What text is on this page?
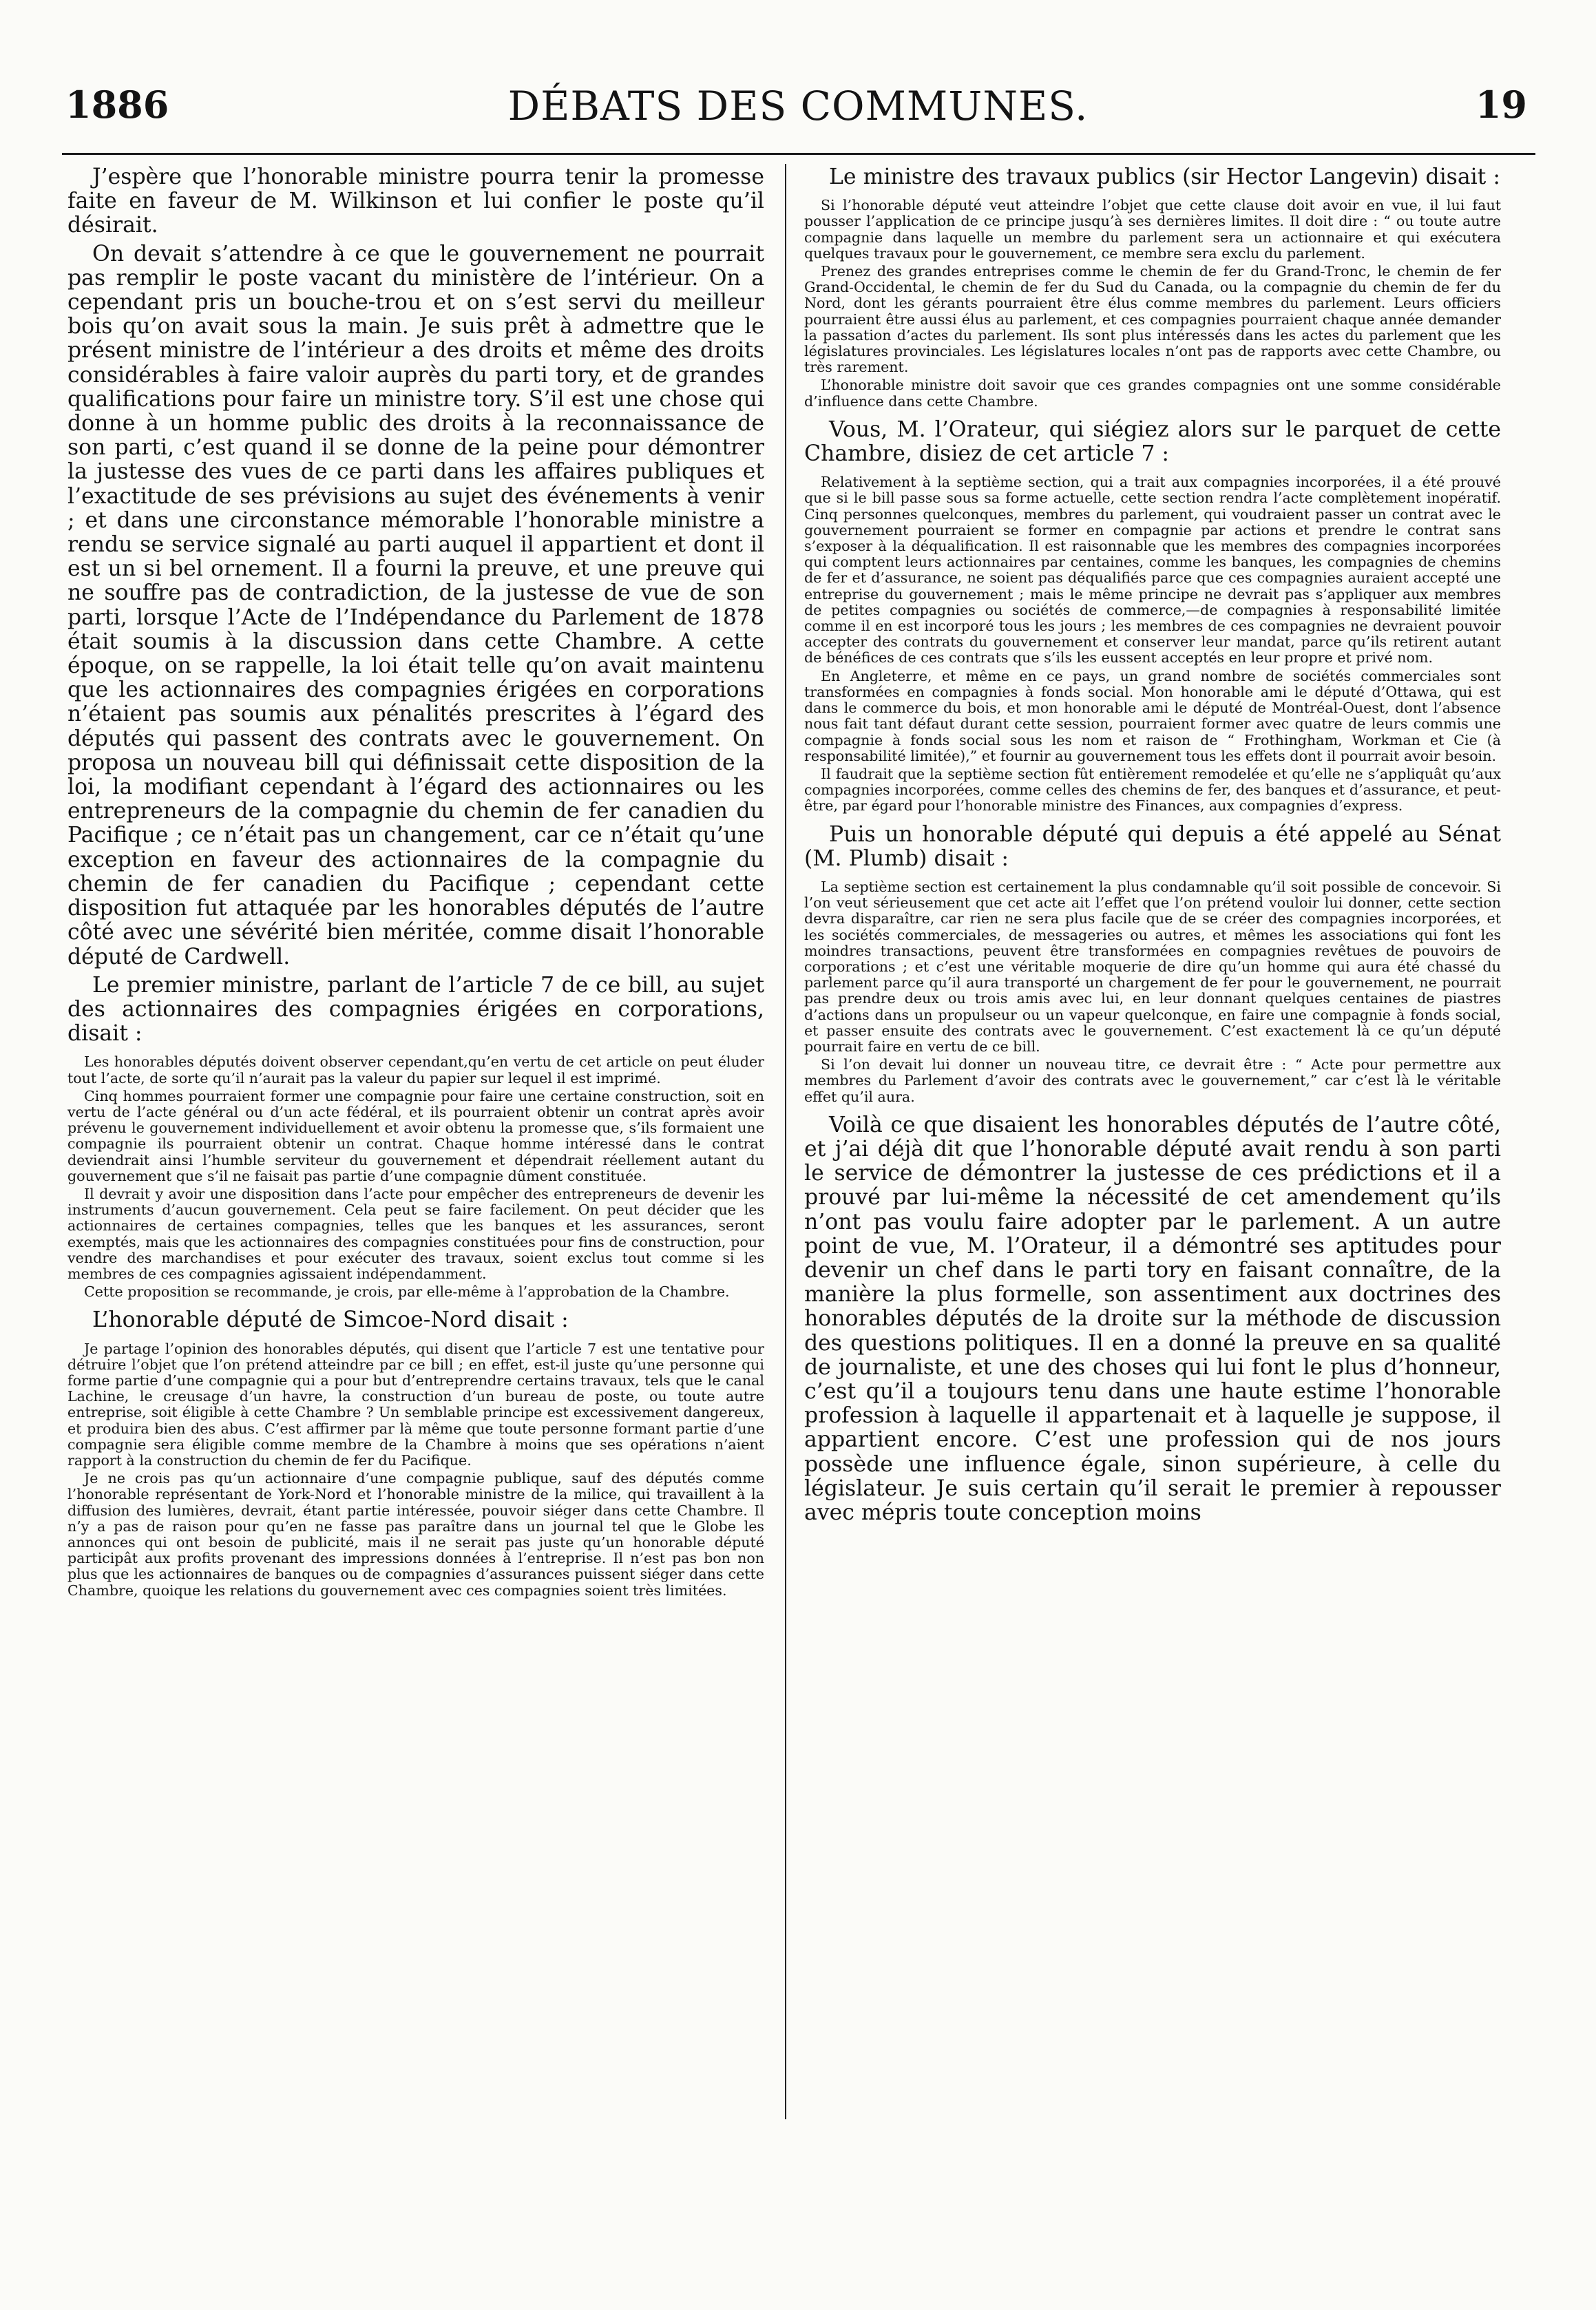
1886	DÉBATS DES COMMUNES.	19

J’espère que l’honorable ministre pourra tenir la promesse faite en faveur de M. Wilkinson et lui confier le poste qu’il désirait.

On devait s’attendre à ce que le gouvernement ne pourrait pas remplir le poste vacant du ministère de l’intérieur. On a cependant pris un bouche-trou et on s’est servi du meilleur bois qu’on avait sous la main. Je suis prêt à admettre que le présent ministre de l’intérieur a des droits et même des droits considérables à faire valoir auprès du parti tory, et de grandes qualifications pour faire un ministre tory. S’il est une chose qui donne à un homme public des droits à la reconnaissance de son parti, c’est quand il se donne de la peine pour démontrer la justesse des vues de ce parti dans les affaires publiques et l’exactitude de ses prévisions au sujet des événements à venir ; et dans une circonstance mémorable l’honorable ministre a rendu se service signalé au parti auquel il appartient et dont il est un si bel ornement. Il a fourni la preuve, et une preuve qui ne souffre pas de contradiction, de la justesse de vue de son parti, lorsque l’Acte de l’Indépendance du Parlement de 1878 était soumis à la discussion dans cette Chambre. A cette époque, on se rappelle, la loi était telle qu’on avait maintenu que les actionnaires des compagnies érigées en corporations n’étaient pas soumis aux pénalités prescrites à l’égard des députés qui passent des contrats avec le gouvernement. On proposa un nouveau bill qui définissait cette disposition de la loi, la modifiant cependant à l’égard des actionnaires ou les entrepreneurs de la compagnie du chemin de fer canadien du Pacifique ; ce n’était pas un changement, car ce n’était qu’une exception en faveur des actionnaires de la compagnie du chemin de fer canadien du Pacifique ; cependant cette disposition fut attaquée par les honorables députés de l’autre côté avec une sévérité bien méritée, comme disait l’honorable député de Cardwell.

Le premier ministre, parlant de l’article 7 de ce bill, au sujet des actionnaires des compagnies érigées en corporations, disait :

Les honorables députés doivent observer cependant,qu’en vertu de cet article on peut éluder tout l’acte, de sorte qu’il n’aurait pas la valeur du papier sur lequel il est imprimé.

Cinq hommes pourraient former une compagnie pour faire une certaine construction, soit en vertu de l’acte général ou d’un acte fédéral, et ils pourraient obtenir un contrat après avoir prévenu le gouvernement individuellement et avoir obtenu la promesse que, s’ils formaient une compagnie ils pourraient obtenir un contrat. Chaque homme intéressé dans le contrat deviendrait ainsi l’humble serviteur du gouvernement et dépendrait réellement autant du gouvernement que s’il ne faisait pas partie d’une compagnie dûment constituée.

Il devrait y avoir une disposition dans l’acte pour empêcher des entrepreneurs de devenir les instruments d’aucun gouvernement. Cela peut se faire facilement. On peut décider que les actionnaires de certaines compagnies, telles que les banques et les assurances, seront exemptés, mais que les actionnaires des compagnies constituées pour fins de construction, pour vendre des marchandises et pour exécuter des travaux, soient exclus tout comme si les membres de ces compagnies agissaient indépendamment.

Cette proposition se recommande, je crois, par elle-même à l’approbation de la Chambre.

L’honorable député de Simcoe-Nord disait :

Je partage l’opinion des honorables députés, qui disent que l’article 7 est une tentative pour détruire l’objet que l’on prétend atteindre par ce bill ; en effet, est-il juste qu’une personne qui forme partie d’une compagnie qui a pour but d’entreprendre certains travaux, tels que le canal Lachine, le creusage d’un havre, la construction d’un bureau de poste, ou toute autre entreprise, soit éligible à cette Chambre ? Un semblable principe est excessivement dangereux, et produira bien des abus. C’est affirmer par là même que toute personne formant partie d’une compagnie sera éligible comme membre de la Chambre à moins que ses opérations n’aient rapport à la construction du chemin de fer du Pacifique.

Je ne crois pas qu’un actionnaire d’une compagnie publique, sauf des députés comme l’honorable représentant de York-Nord et l’honorable ministre de la milice, qui travaillent à la diffusion des lumières, devrait, étant partie intéressée, pouvoir siéger dans cette Chambre. Il n’y a pas de raison pour qu’en ne fasse pas paraître dans un journal tel que le Globe les annonces qui ont besoin de publicité, mais il ne serait pas juste qu’un honorable député participât aux profits provenant des impressions données à l’entreprise. Il n’est pas bon non plus que les actionnaires de banques ou de compagnies d’assurances puissent siéger dans cette Chambre, quoique les relations du gouvernement avec ces compagnies soient très limitées.

Le ministre des travaux publics (sir Hector Langevin) disait :

Si l’honorable député veut atteindre l’objet que cette clause doit avoir en vue, il lui faut pousser l’application de ce principe jusqu’à ses dernières limites. Il doit dire : “ ou toute autre compagnie dans laquelle un membre du parlement sera un actionnaire et qui exécutera quelques travaux pour le gouvernement, ce membre sera exclu du parlement.

Prenez des grandes entreprises comme le chemin de fer du Grand-Tronc, le chemin de fer Grand-Occidental, le chemin de fer du Sud du Canada, ou la compagnie du chemin de fer du Nord, dont les gérants pourraient être élus comme membres du parlement. Leurs officiers pourraient être aussi élus au parlement, et ces compagnies pourraient chaque année demander la passation d’actes du parlement. Ils sont plus intéressés dans les actes du parlement que les législatures provinciales. Les législatures locales n’ont pas de rapports avec cette Chambre, ou très rarement.

L’honorable ministre doit savoir que ces grandes compagnies ont une somme considérable d’influence dans cette Chambre.

Vous, M. l’Orateur, qui siégiez alors sur le parquet de cette Chambre, disiez de cet article 7 :

Relativement à la septième section, qui a trait aux compagnies incorporées, il a été prouvé que si le bill passe sous sa forme actuelle, cette section rendra l’acte complètement inopératif. Cinq personnes quelconques, membres du parlement, qui voudraient passer un contrat avec le gouvernement pourraient se former en compagnie par actions et prendre le contrat sans s’exposer à la déqualification. Il est raisonnable que les membres des compagnies incorporées qui comptent leurs actionnaires par centaines, comme les banques, les compagnies de chemins de fer et d’assurance, ne soient pas déqualifiés parce que ces compagnies auraient accepté une entreprise du gouvernement ; mais le même principe ne devrait pas s’appliquer aux membres de petites compagnies ou sociétés de commerce,—de compagnies à responsabilité limitée comme il en est incorporé tous les jours ; les membres de ces compagnies ne devraient pouvoir accepter des contrats du gouvernement et conserver leur mandat, parce qu’ils retirent autant de bénéfices de ces contrats que s’ils les eussent acceptés en leur propre et privé nom.

En Angleterre, et même en ce pays, un grand nombre de sociétés commerciales sont transformées en compagnies à fonds social. Mon honorable ami le député d’Ottawa, qui est dans le commerce du bois, et mon honorable ami le député de Montréal-Ouest, dont l’absence nous fait tant défaut durant cette session, pourraient former avec quatre de leurs commis une compagnie à fonds social sous les nom et raison de “ Frothingham, Workman et Cie (à responsabilité limitée),” et fournir au gouvernement tous les effets dont il pourrait avoir besoin.

Il faudrait que la septième section fût entièrement remodelée et qu’elle ne s’appliquât qu’aux compagnies incorporées, comme celles des chemins de fer, des banques et d’assurance, et peut-être, par égard pour l’honorable ministre des Finances, aux compagnies d’express.

Puis un honorable député qui depuis a été appelé au Sénat (M. Plumb) disait :

La septième section est certainement la plus condamnable qu’il soit possible de concevoir. Si l’on veut sérieusement que cet acte ait l’effet que l’on prétend vouloir lui donner, cette section devra disparaître, car rien ne sera plus facile que de se créer des compagnies incorporées, et les sociétés commerciales, de messageries ou autres, et mêmes les associations qui font les moindres transactions, peuvent être transformées en compagnies revêtues de pouvoirs de corporations ; et c’est une véritable moquerie de dire qu’un homme qui aura été chassé du parlement parce qu’il aura transporté un chargement de fer pour le gouvernement, ne pourrait pas prendre deux ou trois amis avec lui, en leur donnant quelques centaines de piastres d’actions dans un propulseur ou un vapeur quelconque, en faire une compagnie à fonds social, et passer ensuite des contrats avec le gouvernement. C’est exactement là ce qu’un député pourrait faire en vertu de ce bill.

Si l’on devait lui donner un nouveau titre, ce devrait être : “ Acte pour permettre aux membres du Parlement d’avoir des contrats avec le gouvernement,” car c’est là le véritable effet qu’il aura.

Voilà ce que disaient les honorables députés de l’autre côté, et j’ai déjà dit que l’honorable député avait rendu à son parti le service de démontrer la justesse de ces prédictions et il a prouvé par lui-même la nécessité de cet amendement qu’ils n’ont pas voulu faire adopter par le parlement. A un autre point de vue, M. l’Orateur, il a démontré ses aptitudes pour devenir un chef dans le parti tory en faisant connaître, de la manière la plus formelle, son assentiment aux doctrines des honorables députés de la droite sur la méthode de discussion des questions politiques. Il en a donné la preuve en sa qualité de journaliste, et une des choses qui lui font le plus d’honneur, c’est qu’il a toujours tenu dans une haute estime l’honorable profession à laquelle il appartenait et à laquelle je suppose, il appartient encore. C’est une profession qui de nos jours possède une influence égale, sinon supérieure, à celle du législateur. Je suis certain qu’il serait le premier à repousser avec mépris toute conception moins
